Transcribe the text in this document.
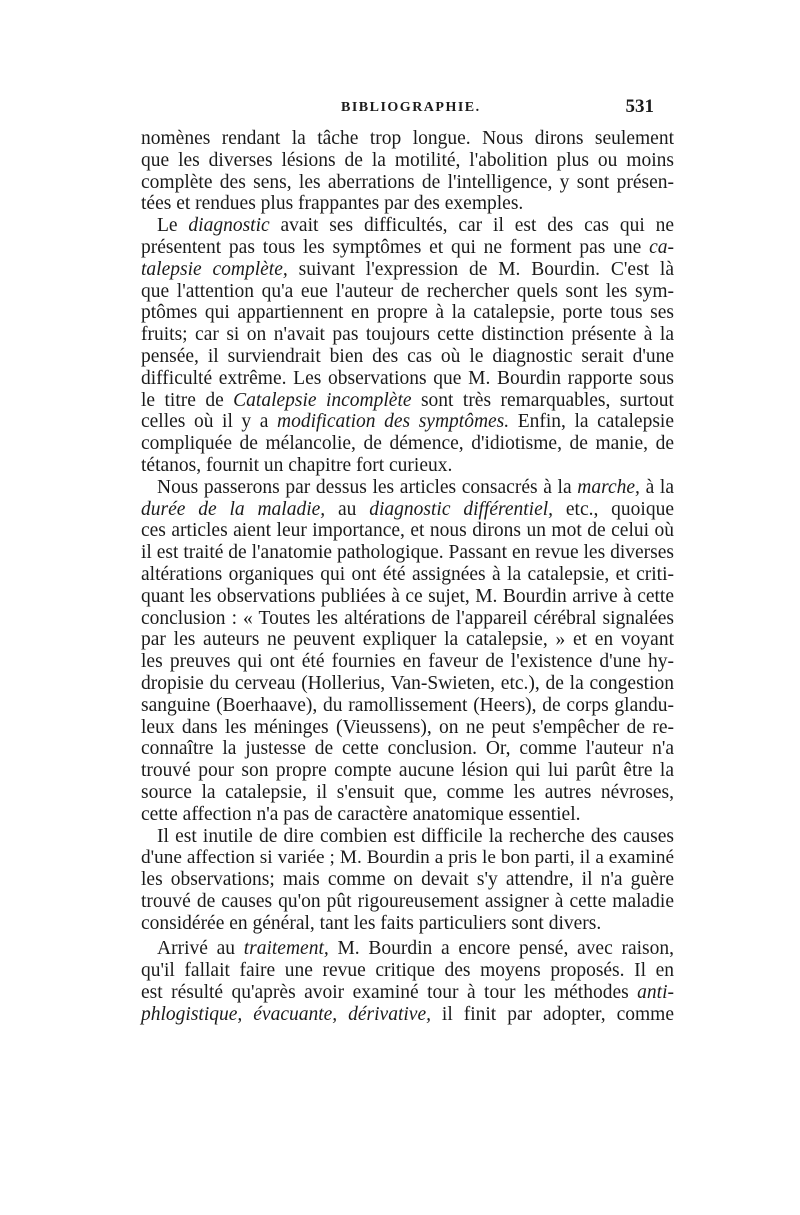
BIBLIOGRAPHIE.	531
nomènes rendant la tâche trop longue. Nous dirons seulement
que les diverses lésions de la motilité, l'abolition plus ou moins
complète des sens, les aberrations de l'intelligence, y sont présen-
tées et rendues plus frappantes par des exemples.
Le diagnostic avait ses difficultés, car il est des cas qui ne
présentent pas tous les symptômes et qui ne forment pas une ca-
talepsie complète, suivant l'expression de M. Bourdin. C'est là
que l'attention qu'a eue l'auteur de rechercher quels sont les sym-
ptômes qui appartiennent en propre à la catalepsie, porte tous ses
fruits; car si on n'avait pas toujours cette distinction présente à la
pensée, il surviendrait bien des cas où le diagnostic serait d'une
difficulté extrême. Les observations que M. Bourdin rapporte sous
le titre de Catalepsie incomplète sont très remarquables, surtout
celles où il y a modification des symptômes. Enfin, la catalepsie
compliquée de mélancolie, de démence, d'idiotisme, de manie, de
tétanos, fournit un chapitre fort curieux.
Nous passerons par dessus les articles consacrés à la marche, à la
durée de la maladie, au diagnostic différentiel, etc., quoique
ces articles aient leur importance, et nous dirons un mot de celui où
il est traité de l'anatomie pathologique. Passant en revue les diverses
altérations organiques qui ont été assignées à la catalepsie, et criti-
quant les observations publiées à ce sujet, M. Bourdin arrive à cette
conclusion : « Toutes les altérations de l'appareil cérébral signalées
par les auteurs ne peuvent expliquer la catalepsie, » et en voyant
les preuves qui ont été fournies en faveur de l'existence d'une hy-
dropisie du cerveau (Hollerius, Van-Swieten, etc.), de la congestion
sanguine (Boerhaave), du ramollissement (Heers), de corps glandu-
leux dans les méninges (Vieussens), on ne peut s'empêcher de re-
connaître la justesse de cette conclusion. Or, comme l'auteur n'a
trouvé pour son propre compte aucune lésion qui lui parût être la
source la catalepsie, il s'ensuit que, comme les autres névroses,
cette affection n'a pas de caractère anatomique essentiel.
Il est inutile de dire combien est difficile la recherche des causes
d'une affection si variée ; M. Bourdin a pris le bon parti, il a examiné
les observations; mais comme on devait s'y attendre, il n'a guère
trouvé de causes qu'on pût rigoureusement assigner à cette maladie
considérée en général, tant les faits particuliers sont divers.
Arrivé au traitement, M. Bourdin a encore pensé, avec raison,
qu'il fallait faire une revue critique des moyens proposés. Il en
est résulté qu'après avoir examiné tour à tour les méthodes anti-
phlogistique, évacuante, dérivative, il finit par adopter, comme
